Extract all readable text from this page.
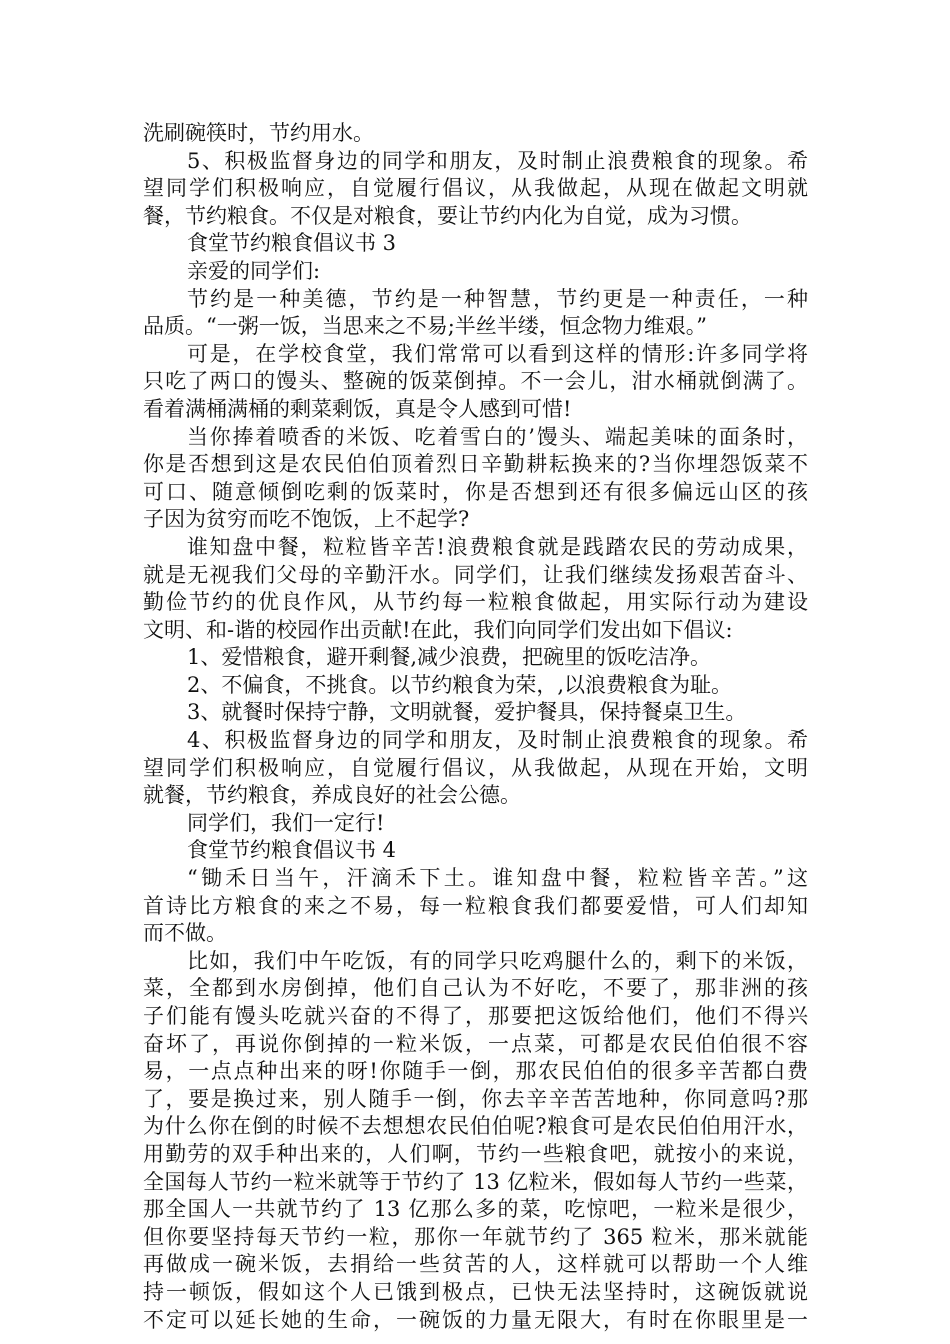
洗刷碗筷时，节约用水。
5、积极监督身边的同学和朋友，及时制止浪费粮食的现象。希
望同学们积极响应，自觉履行倡议，从我做起，从现在做起文明就
餐，节约粮食。不仅是对粮食，要让节约内化为自觉，成为习惯。
食堂节约粮食倡议书 3
亲爱的同学们:
节约是一种美德，节约是一种智慧，节约更是一种责任，一种
品质。“一粥一饭，当思来之不易;半丝半缕，恒念物力维艰。”
可是，在学校食堂，我们常常可以看到这样的情形:许多同学将
只吃了两口的馒头、整碗的饭菜倒掉。不一会儿，泔水桶就倒满了。
看着满桶满桶的剩菜剩饭，真是令人感到可惜!
当你捧着喷香的米饭、吃着雪白的’馒头、端起美味的面条时，
你是否想到这是农民伯伯顶着烈日辛勤耕耘换来的?当你埋怨饭菜不
可口、随意倾倒吃剩的饭菜时，你是否想到还有很多偏远山区的孩
子因为贫穷而吃不饱饭，上不起学?
谁知盘中餐，粒粒皆辛苦!浪费粮食就是践踏农民的劳动成果，
就是无视我们父母的辛勤汗水。同学们，让我们继续发扬艰苦奋斗、
勤俭节约的优良作风，从节约每一粒粮食做起，用实际行动为建设
文明、和-谐的校园作出贡献!在此，我们向同学们发出如下倡议:
1、爱惜粮食，避开剩餐,减少浪费，把碗里的饭吃洁净。
2、不偏食，不挑食。以节约粮食为荣，,以浪费粮食为耻。
3、就餐时保持宁静，文明就餐，爱护餐具，保持餐桌卫生。
4、积极监督身边的同学和朋友，及时制止浪费粮食的现象。希
望同学们积极响应，自觉履行倡议，从我做起，从现在开始，文明
就餐，节约粮食，养成良好的社会公德。
同学们，我们一定行!
食堂节约粮食倡议书 4
“锄禾日当午，汗滴禾下土。谁知盘中餐，粒粒皆辛苦。”这
首诗比方粮食的来之不易，每一粒粮食我们都要爱惜，可人们却知
而不做。
比如，我们中午吃饭，有的同学只吃鸡腿什么的，剩下的米饭，
菜，全都到水房倒掉，他们自己认为不好吃，不要了，那非洲的孩
子们能有馒头吃就兴奋的不得了，那要把这饭给他们，他们不得兴
奋坏了，再说你倒掉的一粒米饭，一点菜，可都是农民伯伯很不容
易，一点点种出来的呀!你随手一倒，那农民伯伯的很多辛苦都白费
了，要是换过来，别人随手一倒，你去辛辛苦苦地种，你同意吗?那
为什么你在倒的时候不去想想农民伯伯呢?粮食可是农民伯伯用汗水，
用勤劳的双手种出来的，人们啊，节约一些粮食吧，就按小的来说，
全国每人节约一粒米就等于节约了 13 亿粒米，假如每人节约一些菜，
那全国人一共就节约了 13 亿那么多的菜，吃惊吧，一粒米是很少，
但你要坚持每天节约一粒，那你一年就节约了 365 粒米，那米就能
再做成一碗米饭，去捐给一些贫苦的人，这样就可以帮助一个人维
持一顿饭，假如这个人已饿到极点，已快无法坚持时，这碗饭就说
不定可以延长她的生命，一碗饭的力量无限大，有时在你眼里是一
